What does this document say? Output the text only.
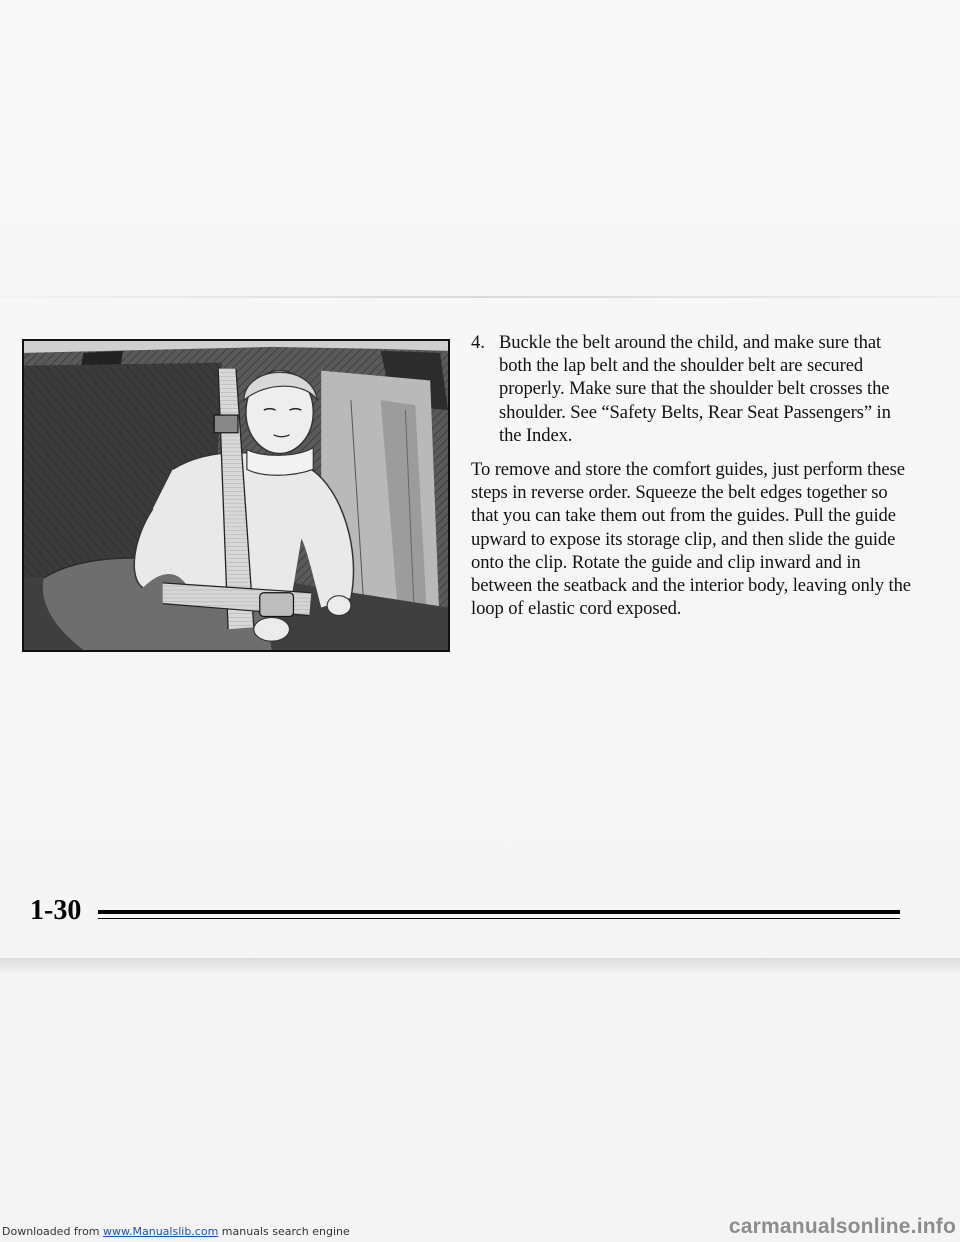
4. Buckle the belt around the child, and make sure that both the lap belt and the shoulder belt are secured properly. Make sure that the shoulder belt crosses the shoulder. See “Safety Belts, Rear Seat Passengers” in the Index.

To remove and store the comfort guides, just perform these steps in reverse order. Squeeze the belt edges together so that you can take them out from the guides. Pull the guide upward to expose its storage clip, and then slide the guide onto the clip. Rotate the guide and clip inward and in between the seatback and the interior body, leaving only the loop of elastic cord exposed.

1-30
Downloaded from www.Manualslib.com manuals search engine	carmanualsonline.info
